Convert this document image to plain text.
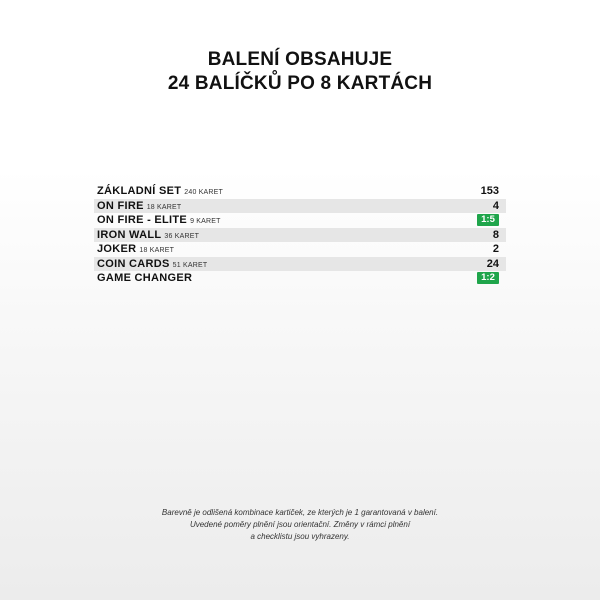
BALENÍ OBSAHUJE
24 BALÍČKŮ PO 8 KARTÁCH
ZÁKLADNÍ SET 240 KARET	153
ON FIRE 18 KARET	4
ON FIRE - ELITE 9 KARET	1:5
IRON WALL 36 KARET	8
JOKER 18 KARET	2
COIN CARDS 51 KARET	24
GAME CHANGER	1:2
Barevně je odlišená kombinace kartiček, ze kterých je 1 garantovaná v balení.
Uvedené poměry plnění jsou orientační. Změny v rámci plnění
a checklistu jsou vyhrazeny.
